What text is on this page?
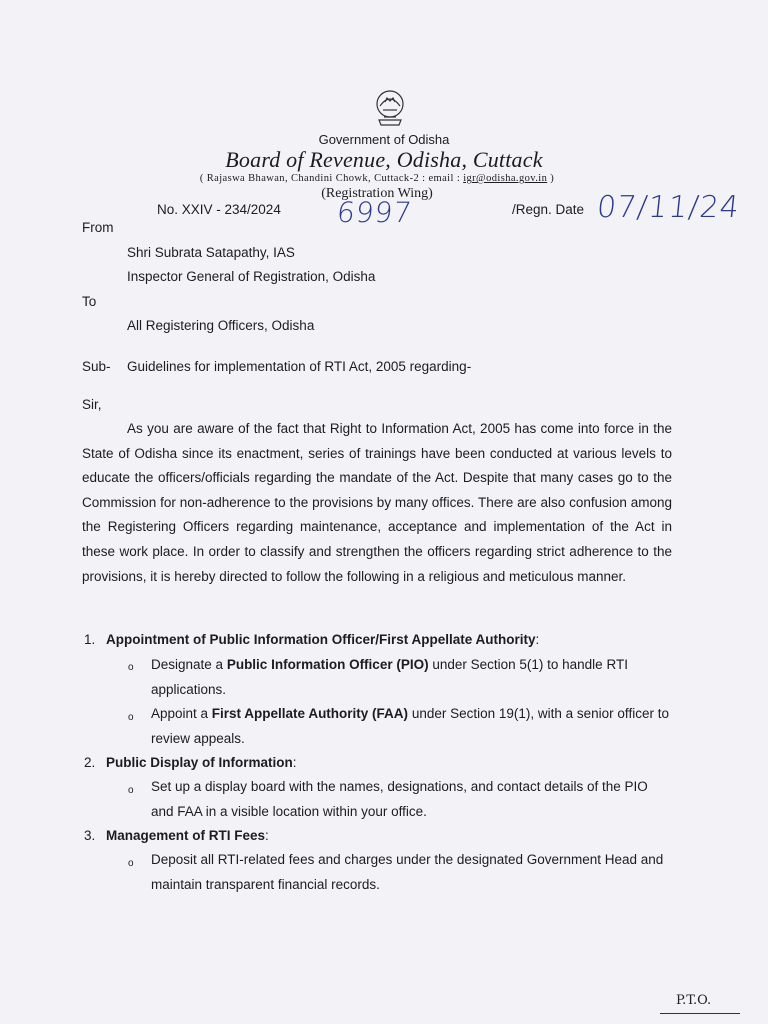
Government of Odisha
Board of Revenue, Odisha, Cuttack
( Rajaswa Bhawan, Chandini Chowk, Cuttack-2 : email : igr@odisha.gov.in )
(Registration Wing)
No. XXIV - 234/2024 6997	/Regn. Date 07/11/24
From
Shri Subrata Satapathy, IAS
Inspector General of Registration, Odisha
To
All Registering Officers, Odisha
Sub- Guidelines for implementation of RTI Act, 2005 regarding-
Sir,
As you are aware of the fact that Right to Information Act, 2005 has come into force in the State of Odisha since its enactment, series of trainings have been conducted at various levels to educate the officers/officials regarding the mandate of the Act. Despite that many cases go to the Commission for non-adherence to the provisions by many offices. There are also confusion among the Registering Officers regarding maintenance, acceptance and implementation of the Act in these work place. In order to classify and strengthen the officers regarding strict adherence to the provisions, it is hereby directed to follow the following in a religious and meticulous manner.
1. Appointment of Public Information Officer/First Appellate Authority:
o Designate a Public Information Officer (PIO) under Section 5(1) to handle RTI applications.
o Appoint a First Appellate Authority (FAA) under Section 19(1), with a senior officer to review appeals.
2. Public Display of Information:
o Set up a display board with the names, designations, and contact details of the PIO and FAA in a visible location within your office.
3. Management of RTI Fees:
o Deposit all RTI-related fees and charges under the designated Government Head and maintain transparent financial records.
P.T.O.
